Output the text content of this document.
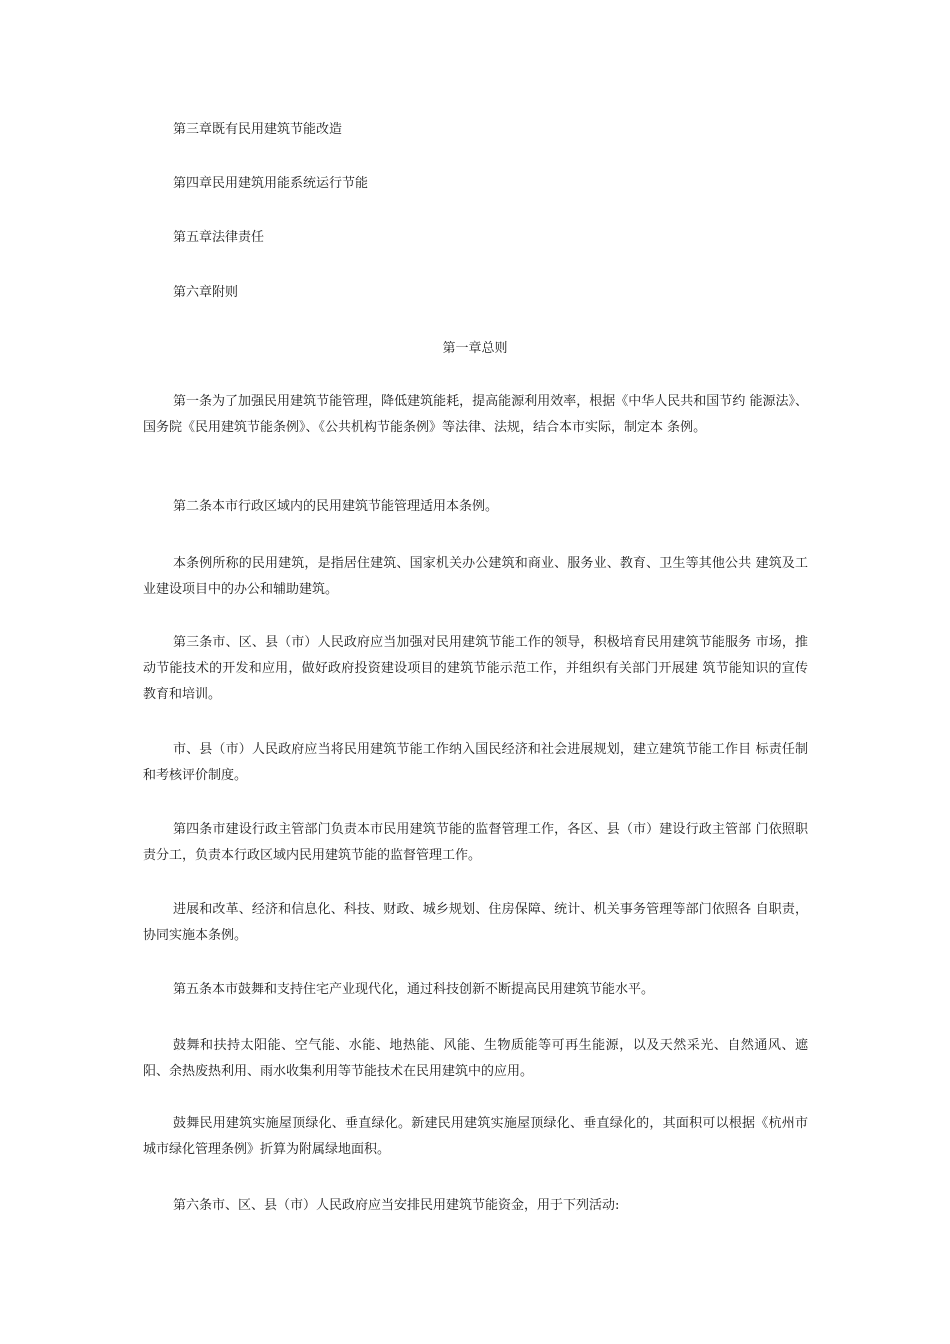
第三章既有民用建筑节能改造
第四章民用建筑用能系统运行节能
第五章法律责任
第六章附则
第一章总则

第一条为了加强民用建筑节能管理，降低建筑能耗，提高能源利用效率，根据《中华人民共和国节约 能源法》、国务院《民用建筑节能条例》、《公共机构节能条例》等法律、法规，结合本市实际，制定本 条例。

第二条本市行政区域内的民用建筑节能管理适用本条例。

本条例所称的民用建筑，是指居住建筑、国家机关办公建筑和商业、服务业、教育、卫生等其他公共 建筑及工业建设项目中的办公和辅助建筑。

第三条市、区、县（市）人民政府应当加强对民用建筑节能工作的领导，积极培育民用建筑节能服务 市场，推动节能技术的开发和应用，做好政府投资建设项目的建筑节能示范工作，并组织有关部门开展建 筑节能知识的宣传教育和培训。

市、县（市）人民政府应当将民用建筑节能工作纳入国民经济和社会进展规划，建立建筑节能工作目 标责任制和考核评价制度。

第四条市建设行政主管部门负责本市民用建筑节能的监督管理工作，各区、县（市）建设行政主管部 门依照职责分工，负责本行政区域内民用建筑节能的监督管理工作。

进展和改革、经济和信息化、科技、财政、城乡规划、住房保障、统计、机关事务管理等部门依照各 自职责，协同实施本条例。

第五条本市鼓舞和支持住宅产业现代化，通过科技创新不断提高民用建筑节能水平。

鼓舞和扶持太阳能、空气能、水能、地热能、风能、生物质能等可再生能源，以及天然采光、自然通风、遮阳、余热废热利用、雨水收集利用等节能技术在民用建筑中的应用。

鼓舞民用建筑实施屋顶绿化、垂直绿化。新建民用建筑实施屋顶绿化、垂直绿化的，其面积可以根据《杭州市城市绿化管理条例》折算为附属绿地面积。

第六条市、区、县（市）人民政府应当安排民用建筑节能资金，用于下列活动:
